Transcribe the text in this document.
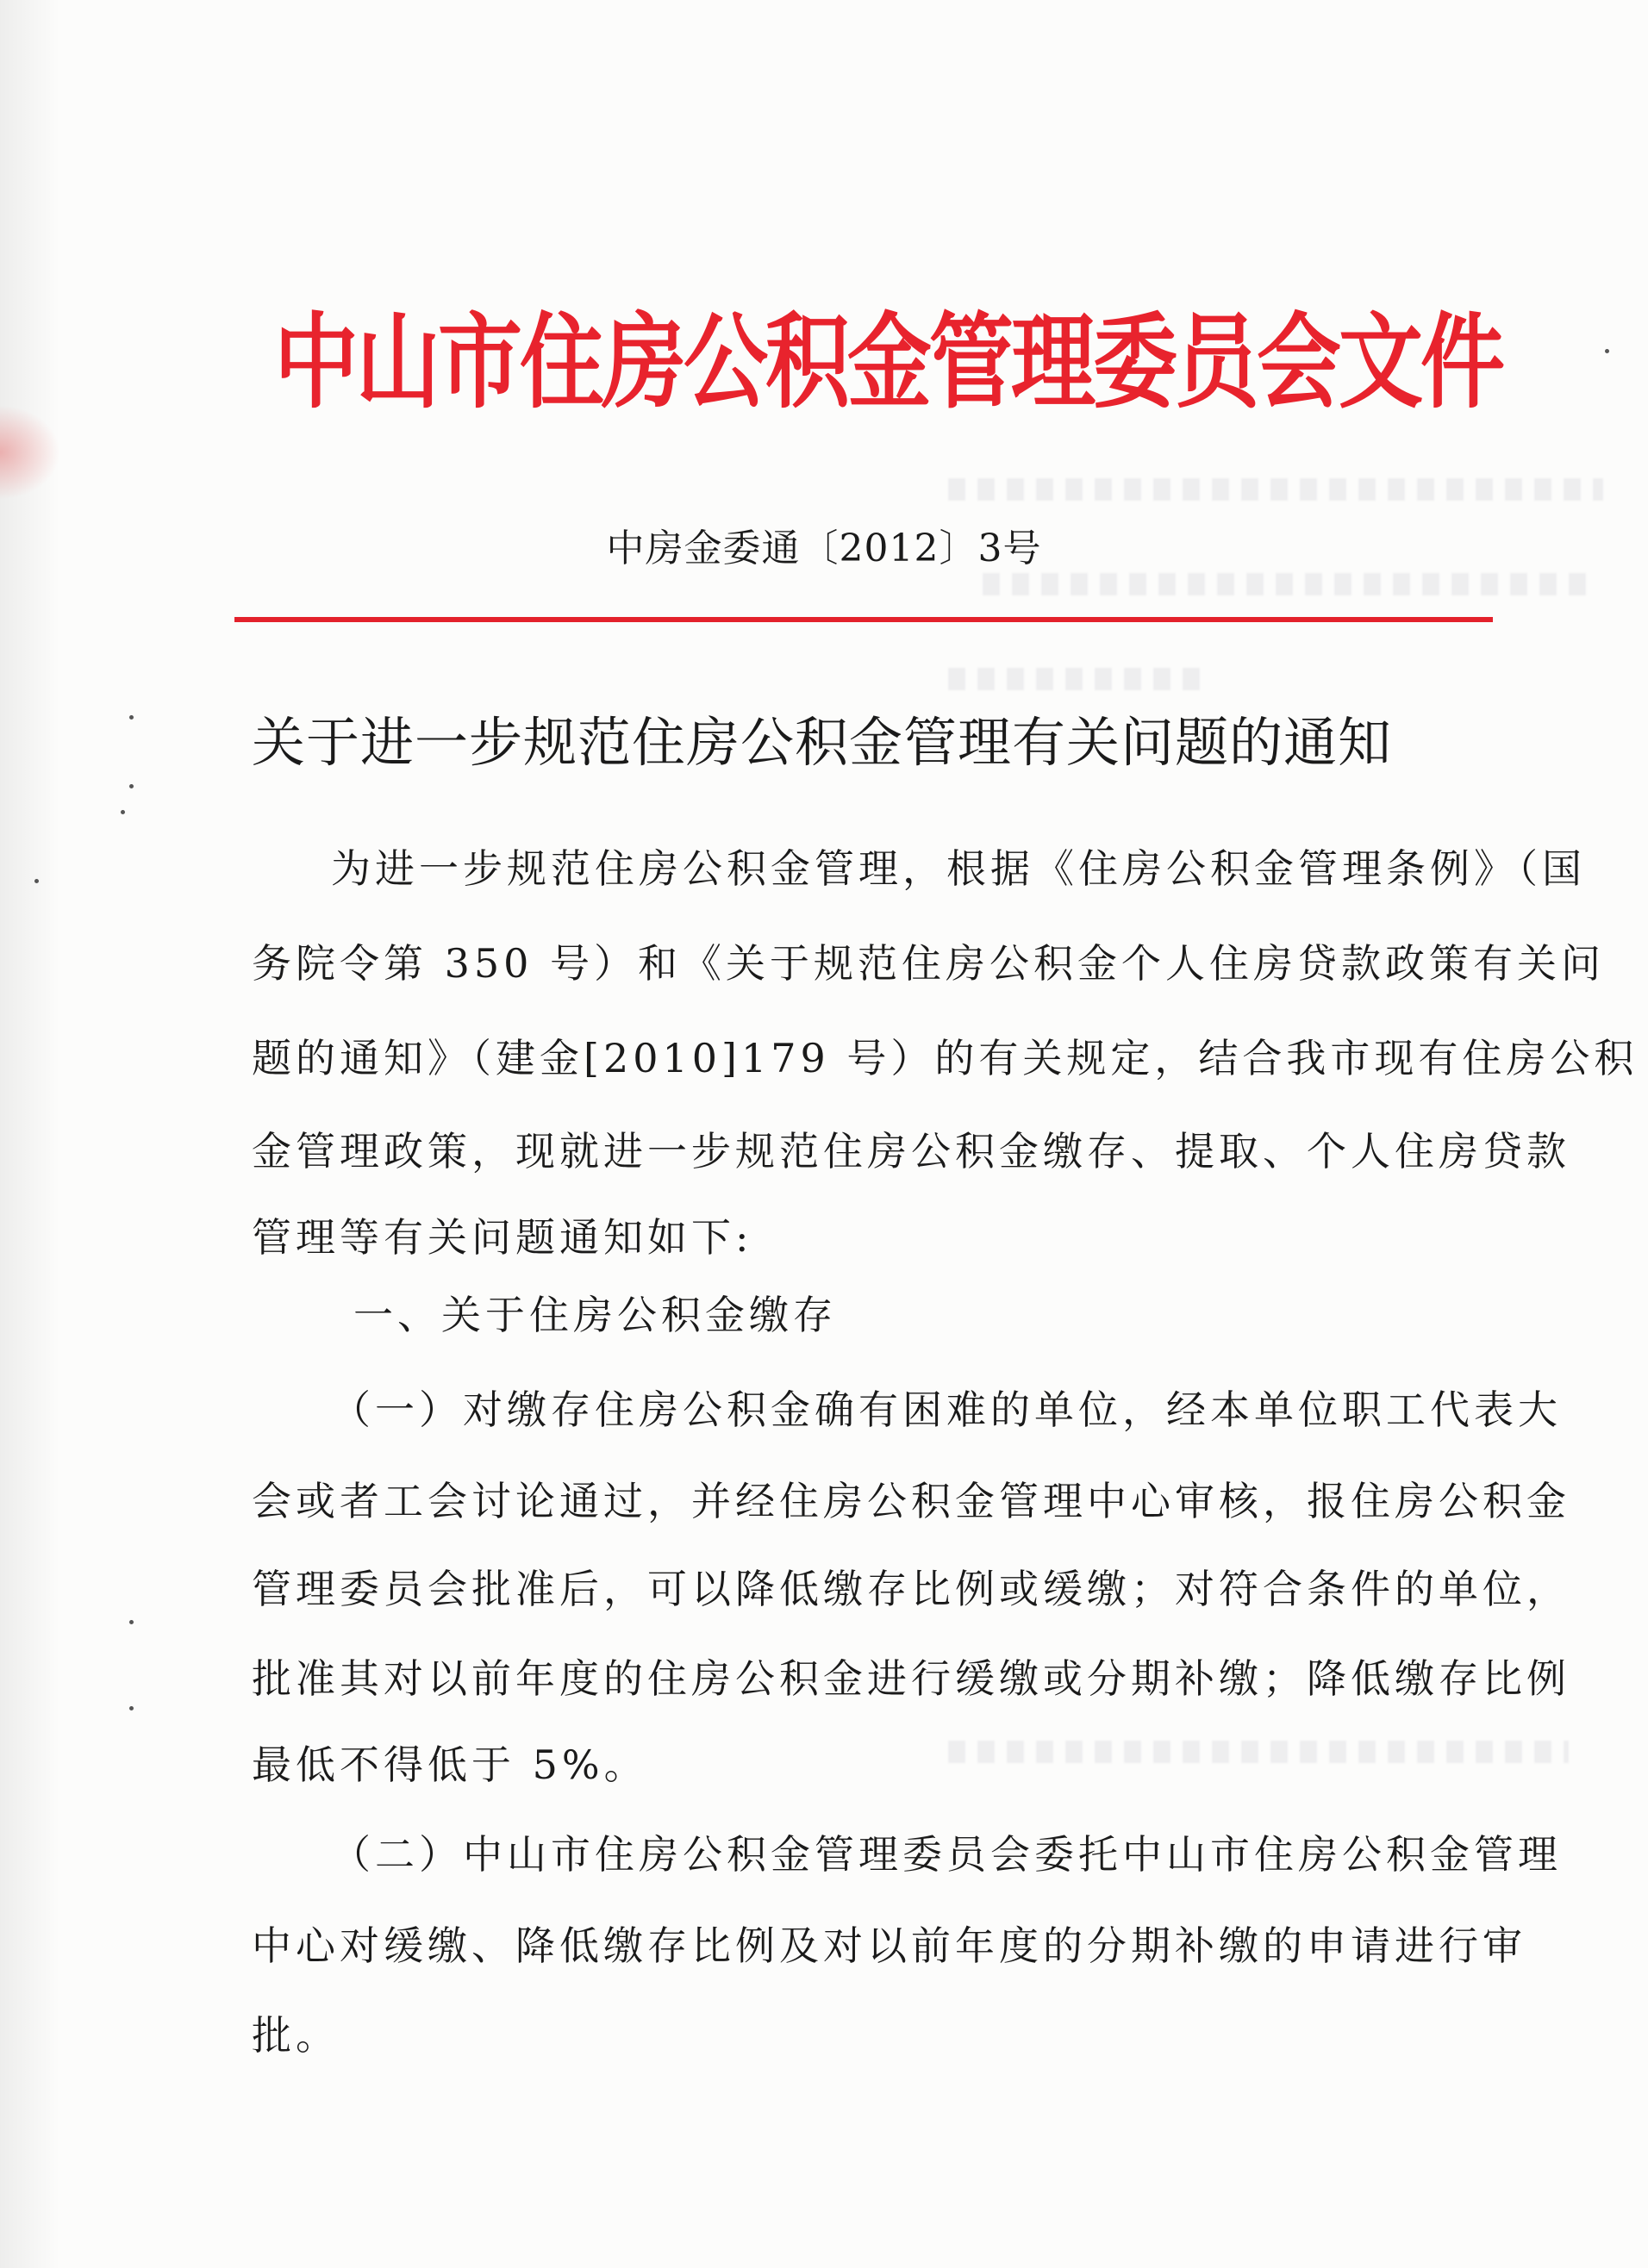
中山市住房公积金管理委员会文件
中房金委通〔2012〕3号
关于进一步规范住房公积金管理有关问题的通知
为进一步规范住房公积金管理，根据《住房公积金管理条例》（国
务院令第 350 号）和《关于规范住房公积金个人住房贷款政策有关问
题的通知》（建金[2010]179 号）的有关规定，结合我市现有住房公积
金管理政策，现就进一步规范住房公积金缴存、提取、个人住房贷款
管理等有关问题通知如下:
一、关于住房公积金缴存
（一）对缴存住房公积金确有困难的单位，经本单位职工代表大
会或者工会讨论通过，并经住房公积金管理中心审核，报住房公积金
管理委员会批准后，可以降低缴存比例或缓缴；对符合条件的单位，
批准其对以前年度的住房公积金进行缓缴或分期补缴；降低缴存比例
最低不得低于 5%。
（二）中山市住房公积金管理委员会委托中山市住房公积金管理
中心对缓缴、降低缴存比例及对以前年度的分期补缴的申请进行审
批。
